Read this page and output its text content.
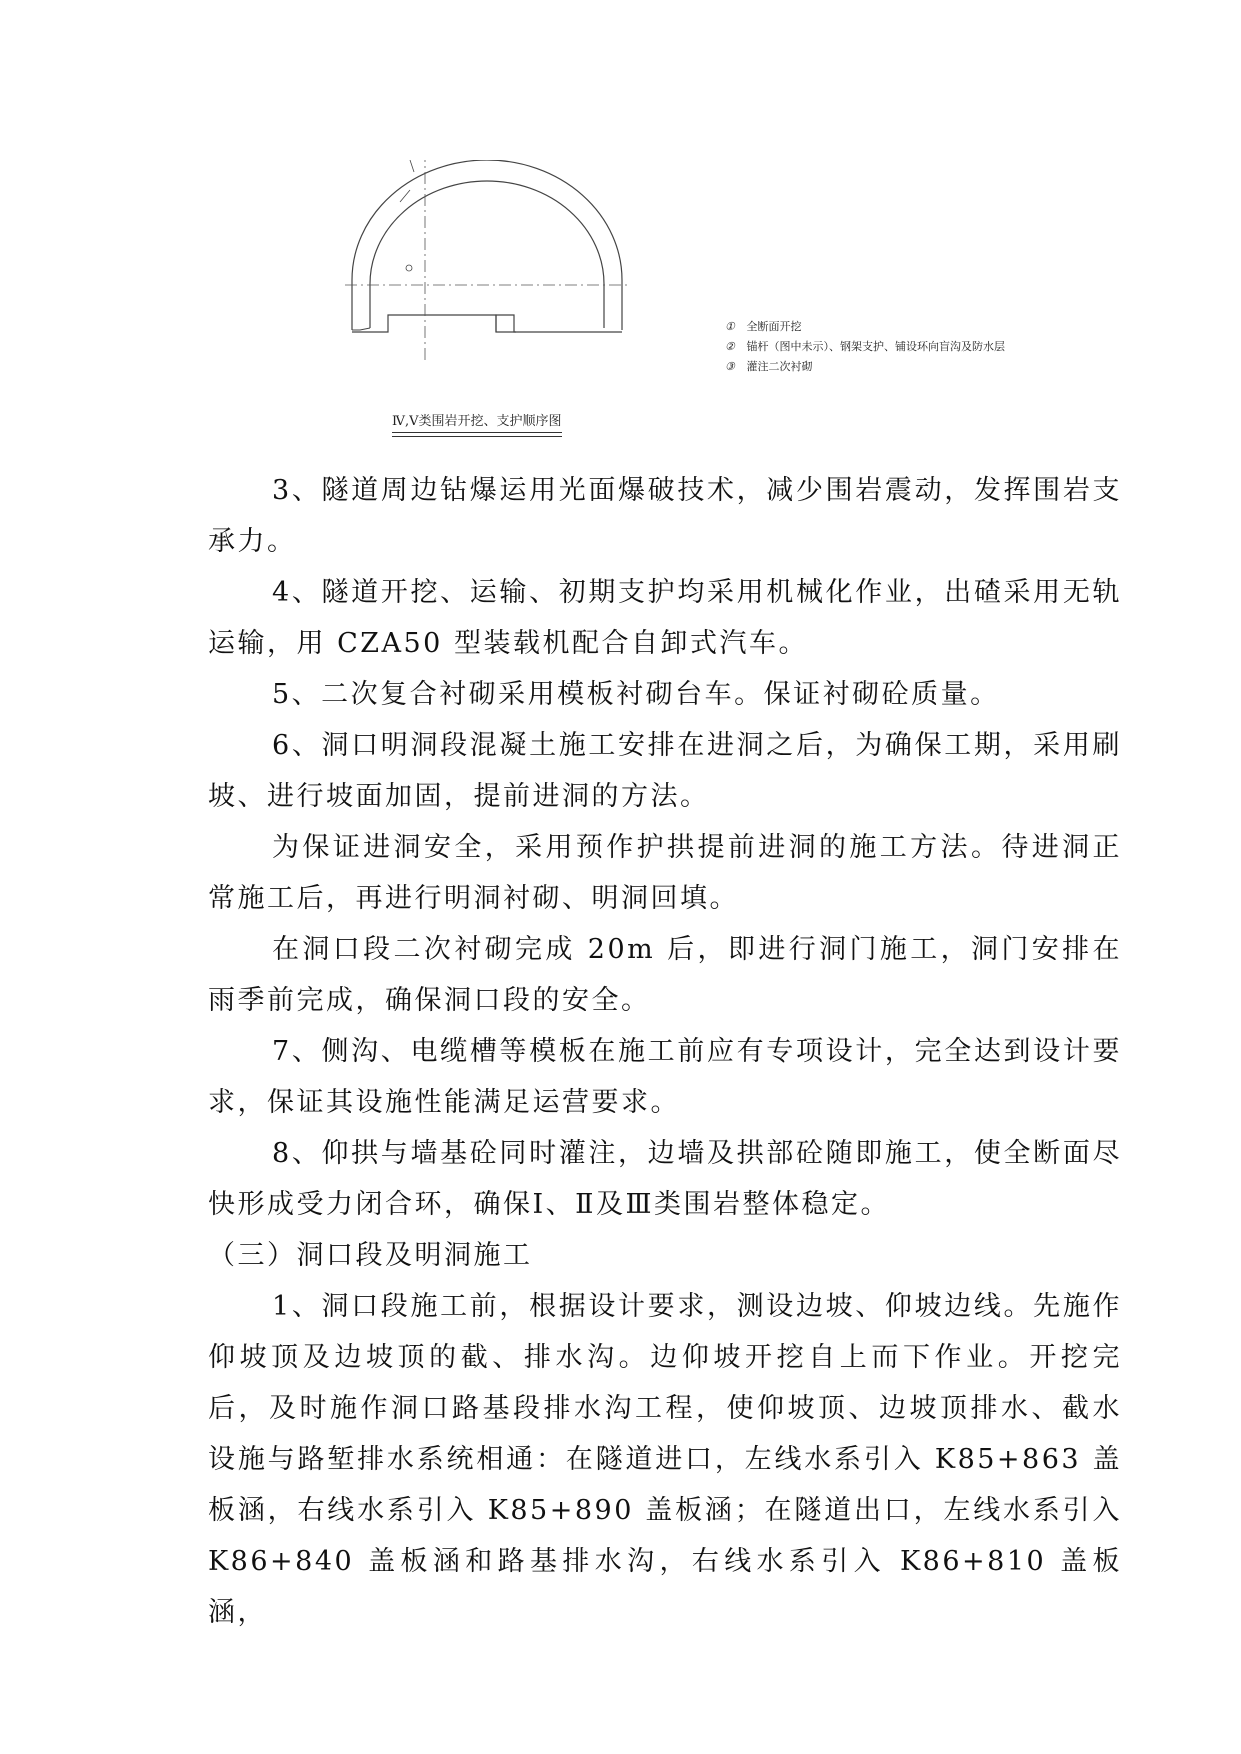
① 全断面开挖
② 锚杆（图中未示）、钢架支护、铺设环向盲沟及防水层
③ 灌注二次衬砌
Ⅳ,Ⅴ类围岩开挖、支护顺序图

3、隧道周边钻爆运用光面爆破技术，减少围岩震动，发挥围岩支承力。

4、隧道开挖、运输、初期支护均采用机械化作业，出碴采用无轨运输，用 CZA50 型装载机配合自卸式汽车。

5、二次复合衬砌采用模板衬砌台车。保证衬砌砼质量。

6、洞口明洞段混凝土施工安排在进洞之后，为确保工期，采用刷坡、进行坡面加固，提前进洞的方法。

为保证进洞安全，采用预作护拱提前进洞的施工方法。待进洞正常施工后，再进行明洞衬砌、明洞回填。

在洞口段二次衬砌完成 20m 后，即进行洞门施工，洞门安排在雨季前完成，确保洞口段的安全。

7、侧沟、电缆槽等模板在施工前应有专项设计，完全达到设计要求，保证其设施性能满足运营要求。

8、仰拱与墙基砼同时灌注，边墙及拱部砼随即施工，使全断面尽快形成受力闭合环，确保Ⅰ、Ⅱ及Ⅲ类围岩整体稳定。

（三）洞口段及明洞施工

1、洞口段施工前，根据设计要求，测设边坡、仰坡边线。先施作仰坡顶及边坡顶的截、排水沟。边仰坡开挖自上而下作业。开挖完后，及时施作洞口路基段排水沟工程，使仰坡顶、边坡顶排水、截水设施与路堑排水系统相通：在隧道进口，左线水系引入 K85+863 盖板涵，右线水系引入 K85+890 盖板涵；在隧道出口，左线水系引入 K86+840 盖板涵和路基排水沟，右线水系引入 K86+810 盖板涵，
